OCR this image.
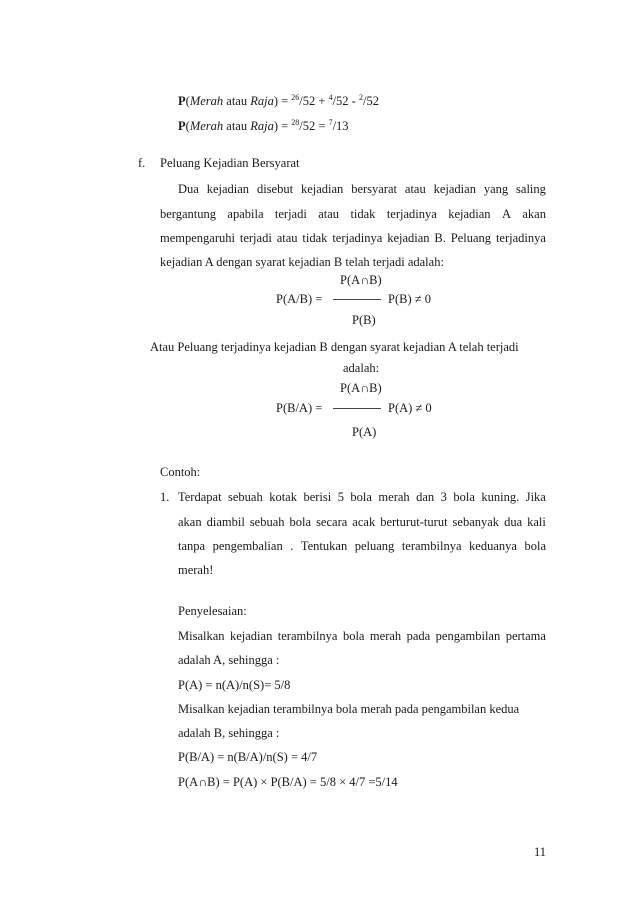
P(Merah atau Raja) = $^{26}$/52 + $^4$/52 - $^2$/52
P(Merah atau Raja) = $^{28}$/52 = $^7$/13
f. Peluang Kejadian Bersyarat
Dua kejadian disebut kejadian bersyarat atau kejadian yang saling
bergantung apabila terjadi atau tidak terjadinya kejadian A akan
mempengaruhi terjadi atau tidak terjadinya kejadian B. Peluang terjadinya
kejadian A dengan syarat kejadian B telah terjadi adalah:
P(A∩B)
P(A/B) =	P(B) ≠ 0
P(B)
Atau Peluang terjadinya kejadian B dengan syarat kejadian A telah terjadi
adalah:
P(A∩B)
P(B/A) =	P(A) ≠ 0
P(A)
Contoh:
1. Terdapat sebuah kotak berisi 5 bola merah dan 3 bola kuning. Jika
akan diambil sebuah bola secara acak berturut-turut sebanyak dua kali
tanpa pengembalian . Tentukan peluang terambilnya keduanya bola
merah!
Penyelesaian:
Misalkan kejadian terambilnya bola merah pada pengambilan pertama
adalah A, sehingga :
P(A) = n(A)/n(S)= 5/8
Misalkan kejadian terambilnya bola merah pada pengambilan kedua
adalah B, sehingga :
P(B/A) = n(B/A)/n(S) = 4/7
P(A∩B) = P(A) × P(B/A) = 5/8 × 4/7 =5/14
11
